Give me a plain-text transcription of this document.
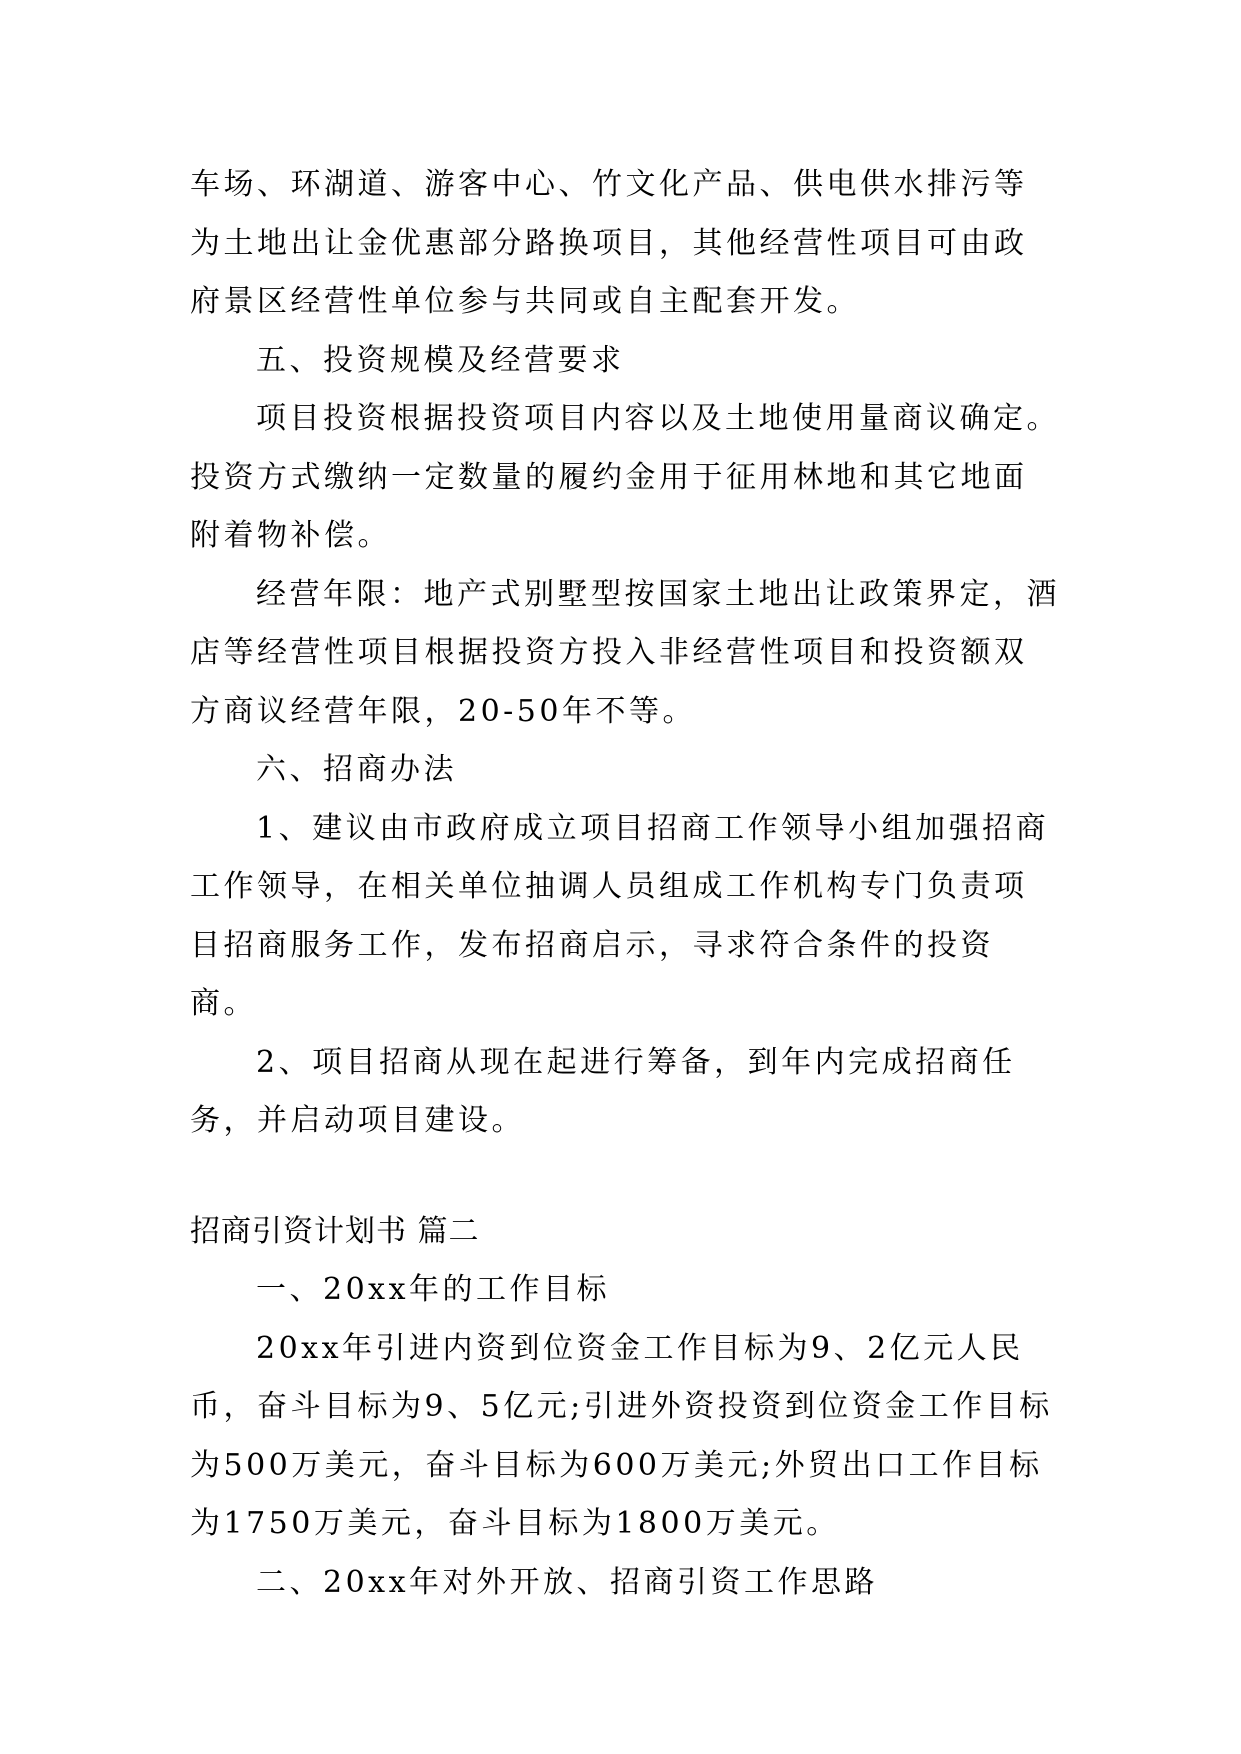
车场、环湖道、游客中心、竹文化产品、供电供水排污等为土地出让金优惠部分路换项目，其他经营性项目可由政府景区经营性单位参与共同或自主配套开发。

五、投资规模及经营要求

项目投资根据投资项目内容以及土地使用量商议确定。投资方式缴纳一定数量的履约金用于征用林地和其它地面附着物补偿。

经营年限：地产式别墅型按国家土地出让政策界定，酒店等经营性项目根据投资方投入非经营性项目和投资额双方商议经营年限，20-50年不等。

六、招商办法

1、建议由市政府成立项目招商工作领导小组加强招商工作领导，在相关单位抽调人员组成工作机构专门负责项目招商服务工作，发布招商启示，寻求符合条件的投资商。

2、项目招商从现在起进行筹备，到年内完成招商任务，并启动项目建设。

招商引资计划书 篇二

一、20xx年的工作目标

20xx年引进内资到位资金工作目标为9、2亿元人民币，奋斗目标为9、5亿元;引进外资投资到位资金工作目标为500万美元，奋斗目标为600万美元;外贸出口工作目标为1750万美元，奋斗目标为1800万美元。

二、20xx年对外开放、招商引资工作思路
